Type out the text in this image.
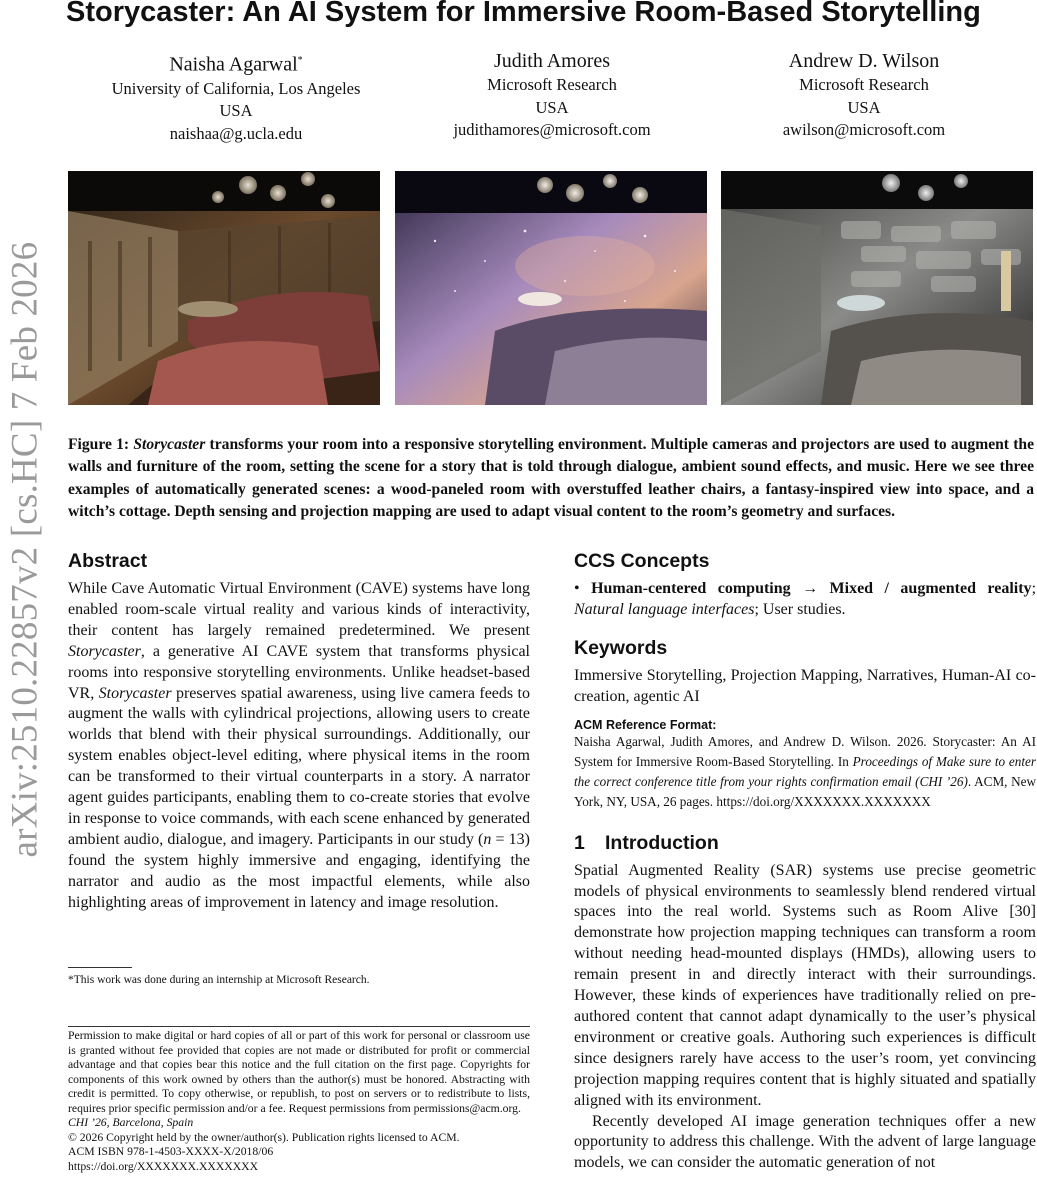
arXiv:2510.22857v2 [cs.HC] 7 Feb 2026
Storycaster: An AI System for Immersive Room-Based Storytelling
Naisha Agarwal*
University of California, Los Angeles
USA
naishaa@g.ucla.edu
Judith Amores
Microsoft Research
USA
judithamores@microsoft.com
Andrew D. Wilson
Microsoft Research
USA
awilson@microsoft.com
Figure 1: Storycaster transforms your room into a responsive storytelling environment. Multiple cameras and projectors are used to augment the walls and furniture of the room, setting the scene for a story that is told through dialogue, ambient sound effects, and music. Here we see three examples of automatically generated scenes: a wood-paneled room with overstuffed leather chairs, a fantasy-inspired view into space, and a witch’s cottage. Depth sensing and projection mapping are used to adapt visual content to the room’s geometry and surfaces.
Abstract

While Cave Automatic Virtual Environment (CAVE) systems have long enabled room-scale virtual reality and various kinds of interactivity, their content has largely remained predetermined. We present Storycaster, a generative AI CAVE system that transforms physical rooms into responsive storytelling environments. Unlike headset-based VR, Storycaster preserves spatial awareness, using live camera feeds to augment the walls with cylindrical projections, allowing users to create worlds that blend with their physical surroundings. Additionally, our system enables object-level editing, where physical items in the room can be transformed to their virtual counterparts in a story. A narrator agent guides participants, enabling them to co-create stories that evolve in response to voice commands, with each scene enhanced by generated ambient audio, dialogue, and imagery. Participants in our study (n = 13) found the system highly immersive and engaging, identifying the narrator and audio as the most impactful elements, while also highlighting areas of improvement in latency and image resolution.

*This work was done during an internship at Microsoft Research.
Permission to make digital or hard copies of all or part of this work for personal or classroom use is granted without fee provided that copies are not made or distributed for profit or commercial advantage and that copies bear this notice and the full citation on the first page. Copyrights for components of this work owned by others than the author(s) must be honored. Abstracting with credit is permitted. To copy otherwise, or republish, to post on servers or to redistribute to lists, requires prior specific permission and/or a fee. Request permissions from permissions@acm.org.
CHI ’26, Barcelona, Spain
© 2026 Copyright held by the owner/author(s). Publication rights licensed to ACM.
ACM ISBN 978-1-4503-XXXX-X/2018/06
https://doi.org/XXXXXXX.XXXXXXX
CCS Concepts

• Human-centered computing → Mixed / augmented reality; Natural language interfaces; User studies.

Keywords

Immersive Storytelling, Projection Mapping, Narratives, Human-AI co-creation, agentic AI

ACM Reference Format:
Naisha Agarwal, Judith Amores, and Andrew D. Wilson. 2026. Storycaster: An AI System for Immersive Room-Based Storytelling. In Proceedings of Make sure to enter the correct conference title from your rights confirmation email (CHI ’26). ACM, New York, NY, USA, 26 pages. https://doi.org/XXXXXXX.XXXXXXX
1 Introduction

Spatial Augmented Reality (SAR) systems use precise geometric models of physical environments to seamlessly blend rendered virtual spaces into the real world. Systems such as Room Alive [30] demonstrate how projection mapping techniques can transform a room without needing head-mounted displays (HMDs), allowing users to remain present in and directly interact with their surroundings. However, these kinds of experiences have traditionally relied on pre-authored content that cannot adapt dynamically to the user’s physical environment or creative goals. Authoring such experiences is difficult since designers rarely have access to the user’s room, yet convincing projection mapping requires content that is highly situated and spatially aligned with its environment.

Recently developed AI image generation techniques offer a new opportunity to address this challenge. With the advent of large language models, we can consider the automatic generation of not
